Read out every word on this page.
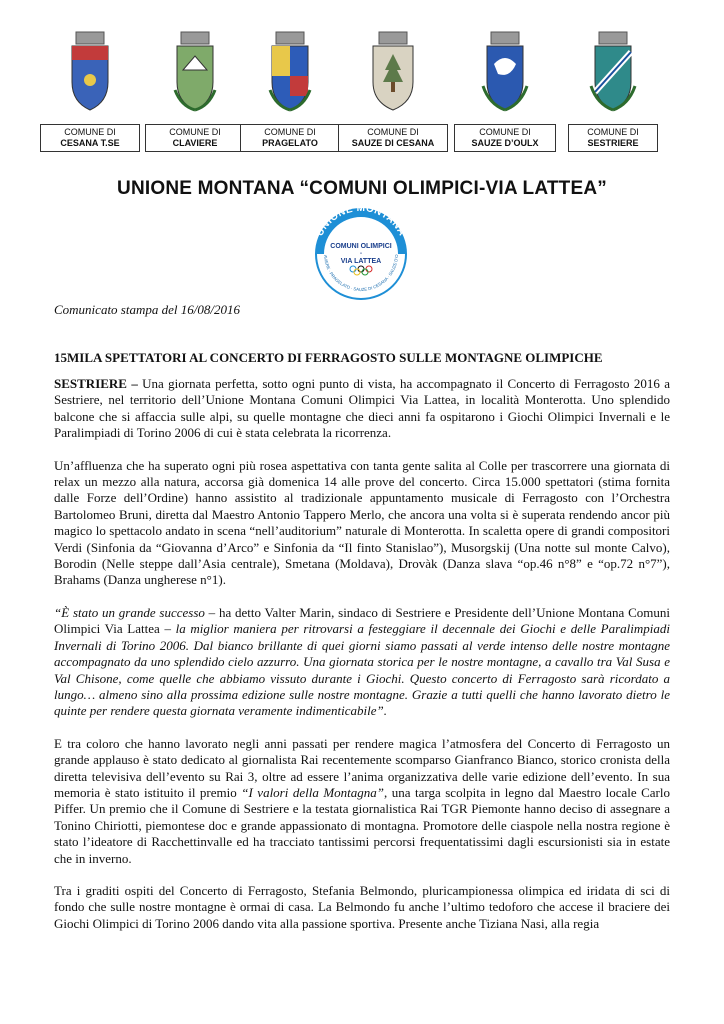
COMUNE DI
CESANA T.SE
COMUNE DI
CLAVIERE
COMUNE DI
PRAGELATO
COMUNE DI
SAUZE DI CESANA
COMUNE DI
SAUZE D’OULX
COMUNE DI
SESTRIERE
UNIONE MONTANA “COMUNI OLIMPICI-VIA LATTEA”
UNIONE MONTANA
AVIERE · PRAGELATO · SAUZE DI CESANA · SAUZE D’O
COMUNI OLIMPICI
-
VIA LATTEA
Comunicato stampa del 16/08/2016
15MILA SPETTATORI AL CONCERTO DI FERRAGOSTO SULLE MONTAGNE OLIMPICHE

SESTRIERE – Una giornata perfetta, sotto ogni punto di vista, ha accompagnato il Concerto di Ferragosto 2016 a Sestriere, nel territorio dell’Unione Montana Comuni Olimpici Via Lattea, in località Monterotta. Uno splendido balcone che si affaccia sulle alpi, su quelle montagne che dieci anni fa ospitarono i Giochi Olimpici Invernali e le Paralimpiadi di Torino 2006 di cui è stata celebrata la ricorrenza.

Un’affluenza che ha superato ogni più rosea aspettativa con tanta gente salita al Colle per trascorrere una giornata di relax un mezzo alla natura, accorsa già domenica 14 alle prove del concerto. Circa 15.000 spettatori (stima fornita dalle Forze dell’Ordine) hanno assistito al tradizionale appuntamento musicale di Ferragosto con l’Orchestra Bartolomeo Bruni, diretta dal Maestro Antonio Tappero Merlo, che ancora una volta si è superata rendendo ancor più magico lo spettacolo andato in scena “nell’auditorium” naturale di Monterotta. In scaletta opere di grandi compositori Verdi (Sinfonia da “Giovanna d’Arco” e Sinfonia da “Il finto Stanislao”), Musorgskij (Una notte sul monte Calvo), Borodin (Nelle steppe dall’Asia centrale), Smetana (Moldava), Drovàk (Danza slava “op.46 n°8” e “op.72 n°7”), Brahams (Danza ungherese n°1).

“È stato un grande successo – ha detto Valter Marin, sindaco di Sestriere e Presidente dell’Unione Montana Comuni Olimpici Via Lattea – la miglior maniera per ritrovarsi a festeggiare il decennale dei Giochi e delle Paralimpiadi Invernali di Torino 2006. Dal bianco brillante di quei giorni siamo passati al verde intenso delle nostre montagne accompagnato da uno splendido cielo azzurro. Una giornata storica per le nostre montagne, a cavallo tra Val Susa e Val Chisone, come quelle che abbiamo vissuto durante i Giochi. Questo concerto di Ferragosto sarà ricordato a lungo… almeno sino alla prossima edizione sulle nostre montagne. Grazie a tutti quelli che hanno lavorato dietro le quinte per rendere questa giornata veramente indimenticabile”.

E tra coloro che hanno lavorato negli anni passati per rendere magica l’atmosfera del Concerto di Ferragosto un grande applauso è stato dedicato al giornalista Rai recentemente scomparso Gianfranco Bianco, storico cronista della diretta televisiva dell’evento su Rai 3, oltre ad essere l’anima organizzativa delle varie edizione dell’evento. In sua memoria è stato istituito il premio “I valori della Montagna”, una targa scolpita in legno dal Maestro locale Carlo Piffer. Un premio che il Comune di Sestriere e la testata giornalistica Rai TGR Piemonte hanno deciso di assegnare a Tonino Chiriotti, piemontese doc e grande appassionato di montagna. Promotore delle ciaspole nella nostra regione è stato l’ideatore di Racchettinvalle ed ha tracciato tantissimi percorsi frequentatissimi dagli escursionisti sia in estate che in inverno.

Tra i graditi ospiti del Concerto di Ferragosto, Stefania Belmondo, pluricampionessa olimpica ed iridata di sci di fondo che sulle nostre montagne è ormai di casa. La Belmondo fu anche l’ultimo tedoforo che accese il braciere dei Giochi Olimpici di Torino 2006 dando vita alla passione sportiva. Presente anche Tiziana Nasi, alla regia
